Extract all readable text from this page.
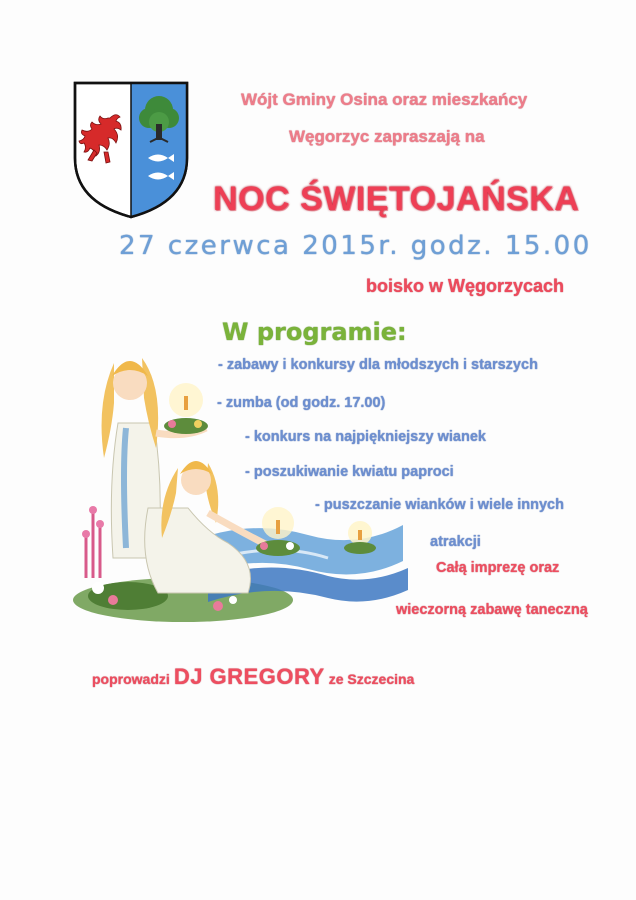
Wójt Gminy Osina oraz mieszkańcy
Węgorzyc zapraszają na
NOC ŚWIĘTOJAŃSKA
27 czerwca 2015r. godz. 15.00
boisko w Węgorzycach
W programie:
- zabawy i konkursy dla młodszych i starszych
- zumba (od godz. 17.00)
- konkurs na najpiękniejszy wianek
- poszukiwanie kwiatu paproci
- puszczanie wianków i wiele innych
atrakcji
Całą imprezę oraz
wieczorną zabawę taneczną
poprowadzi DJ GREGORY ze Szczecina
